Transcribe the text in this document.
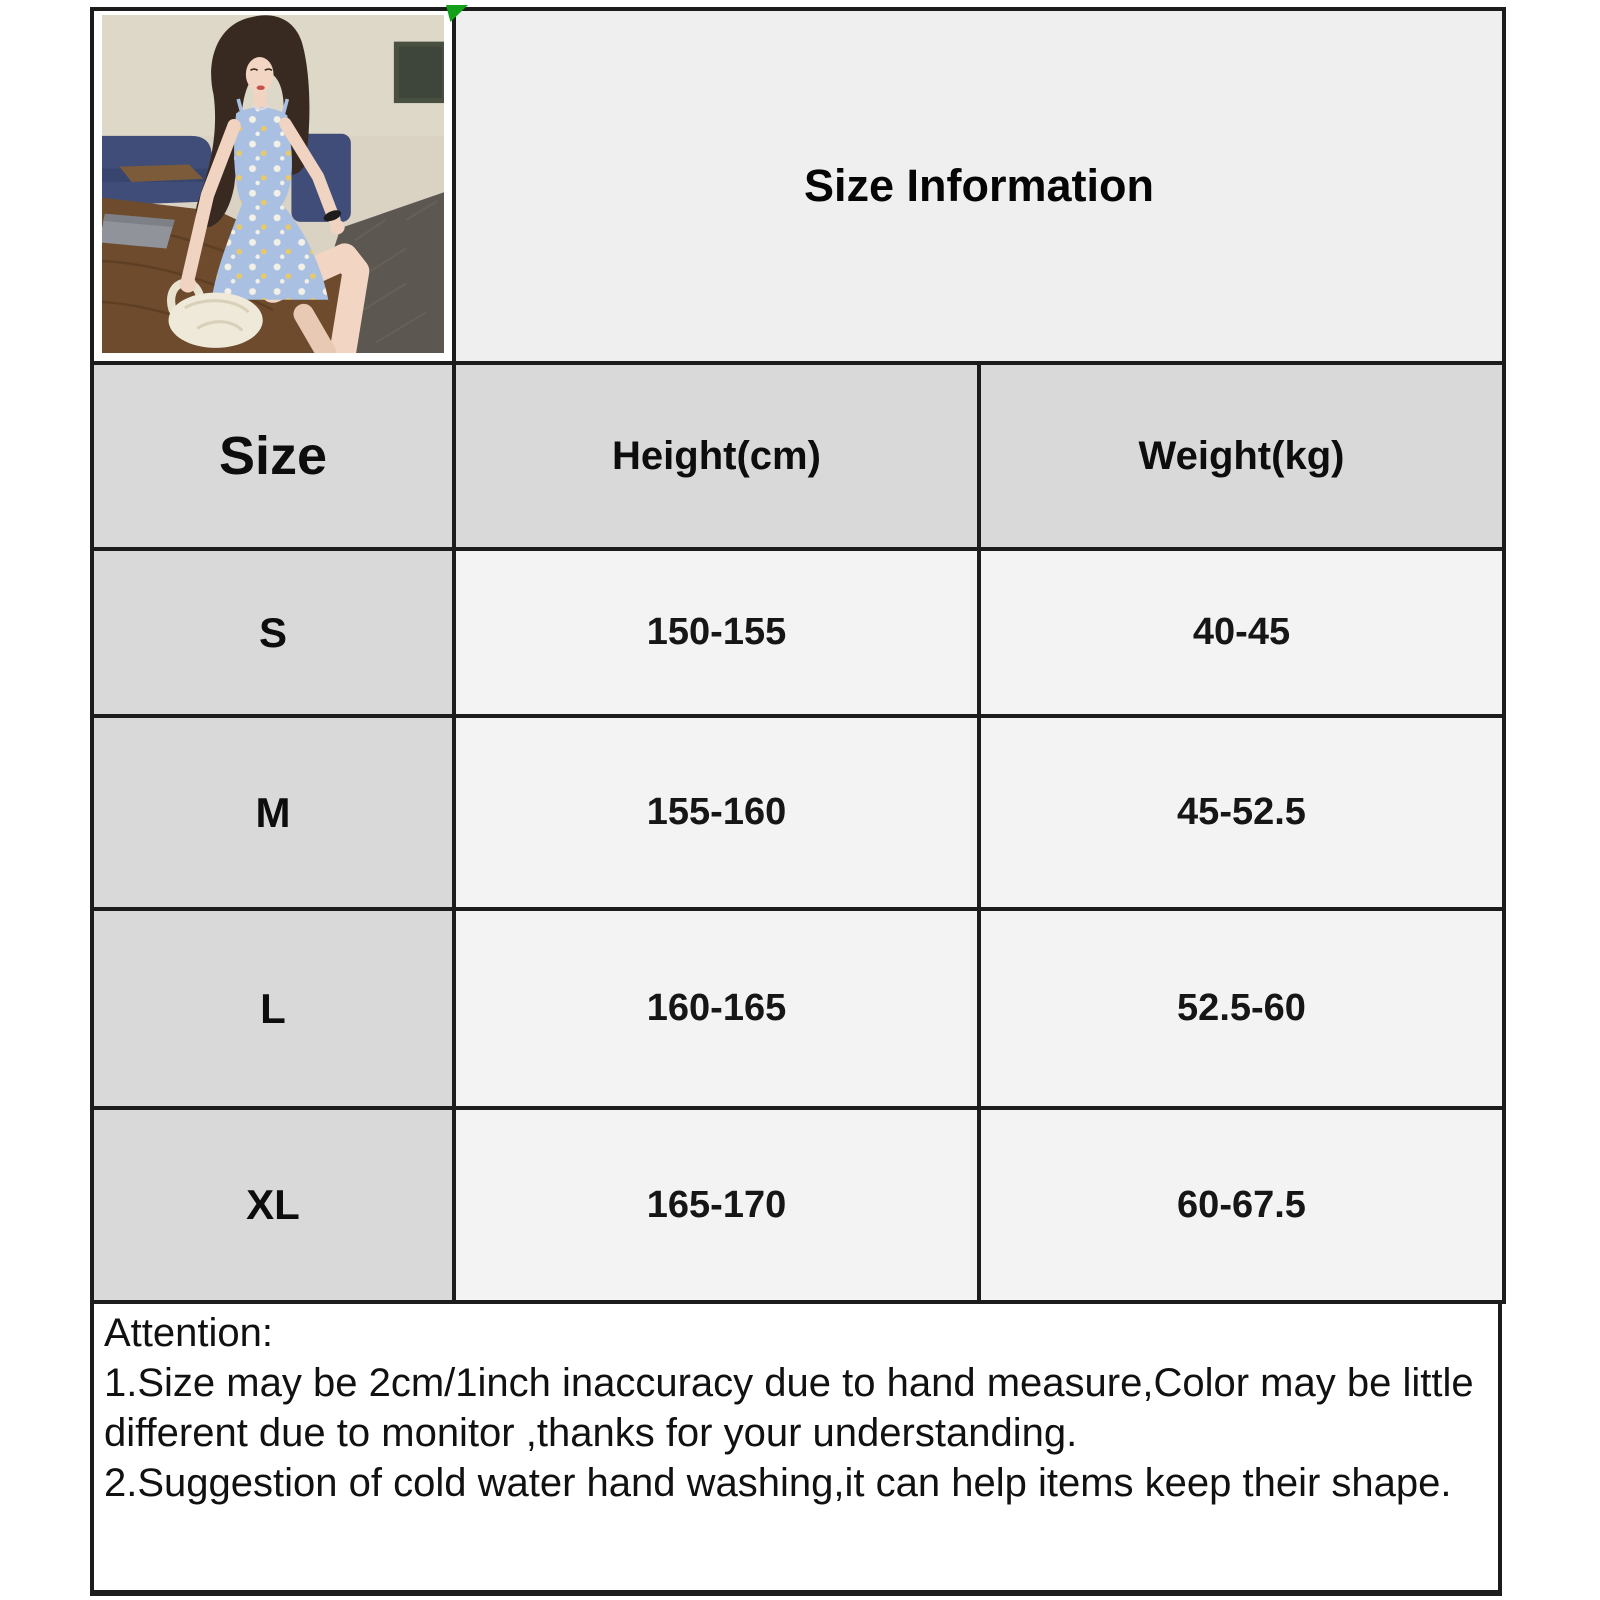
Size Information	

Size	Height(cm)	Weight(kg)
S	150-155	40-45
M	155-160	45-52.5
L	160-165	52.5-60
XL	165-170	60-67.5

Attention:

1.Size may be 2cm/1inch inaccuracy due to hand measure,Color may be little different due to monitor ,thanks for your understanding.

2.Suggestion of cold water hand washing,it can help items keep their shape.
